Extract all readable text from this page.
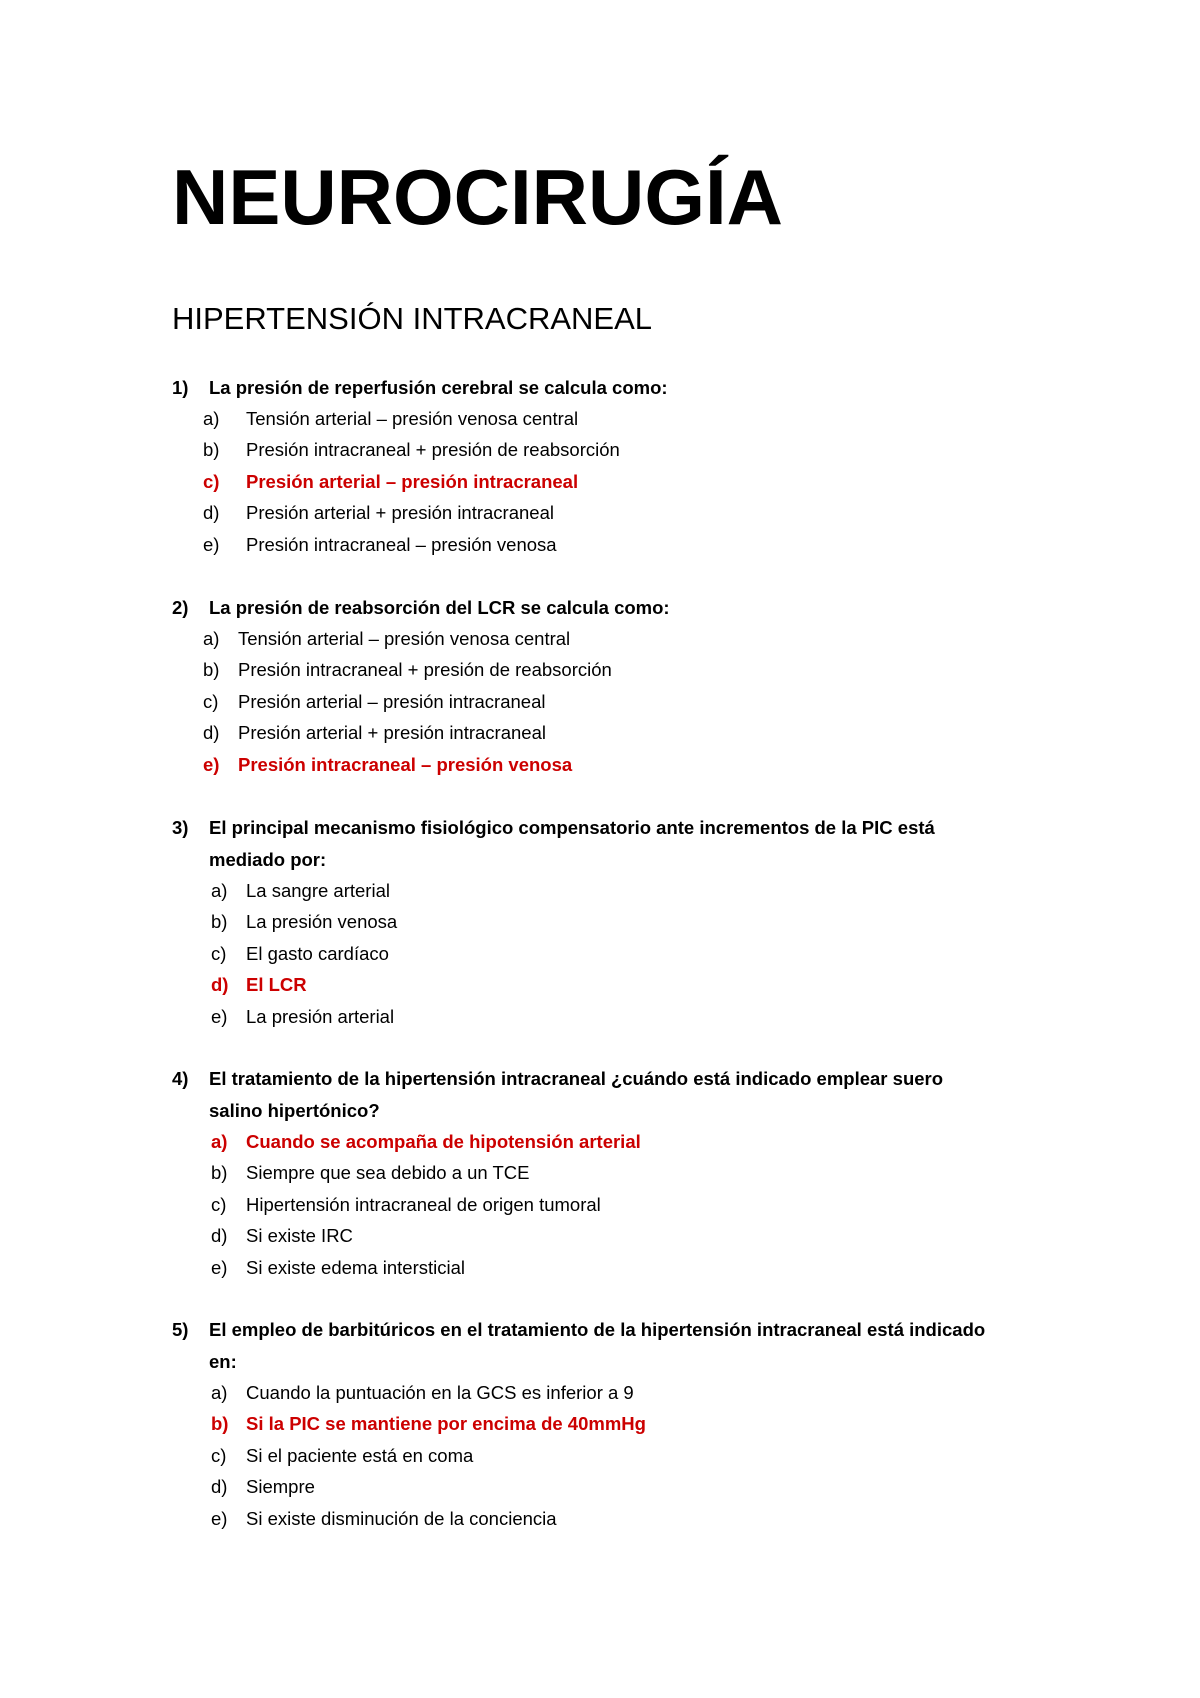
NEUROCIRUGÍA
HIPERTENSIÓN INTRACRANEAL
1) La presión de reperfusión cerebral se calcula como:
a) Tensión arterial – presión venosa central
b) Presión intracraneal + presión de reabsorción
c) Presión arterial – presión intracraneal
d) Presión arterial + presión intracraneal
e) Presión intracraneal – presión venosa
2) La presión de reabsorción del LCR se calcula como:
a) Tensión arterial – presión venosa central
b) Presión intracraneal + presión de reabsorción
c) Presión arterial – presión intracraneal
d) Presión arterial + presión intracraneal
e) Presión intracraneal – presión venosa
3) El principal mecanismo fisiológico compensatorio ante incrementos de la PIC está
mediado por:
a) La sangre arterial
b) La presión venosa
c) El gasto cardíaco
d) El LCR
e) La presión arterial
4) El tratamiento de la hipertensión intracraneal ¿cuándo está indicado emplear suero
salino hipertónico?
a) Cuando se acompaña de hipotensión arterial
b) Siempre que sea debido a un TCE
c) Hipertensión intracraneal de origen tumoral
d) Si existe IRC
e) Si existe edema intersticial
5) El empleo de barbitúricos en el tratamiento de la hipertensión intracraneal está indicado
en:
a) Cuando la puntuación en la GCS es inferior a 9
b) Si la PIC se mantiene por encima de 40mmHg
c) Si el paciente está en coma
d) Siempre
e) Si existe disminución de la conciencia
